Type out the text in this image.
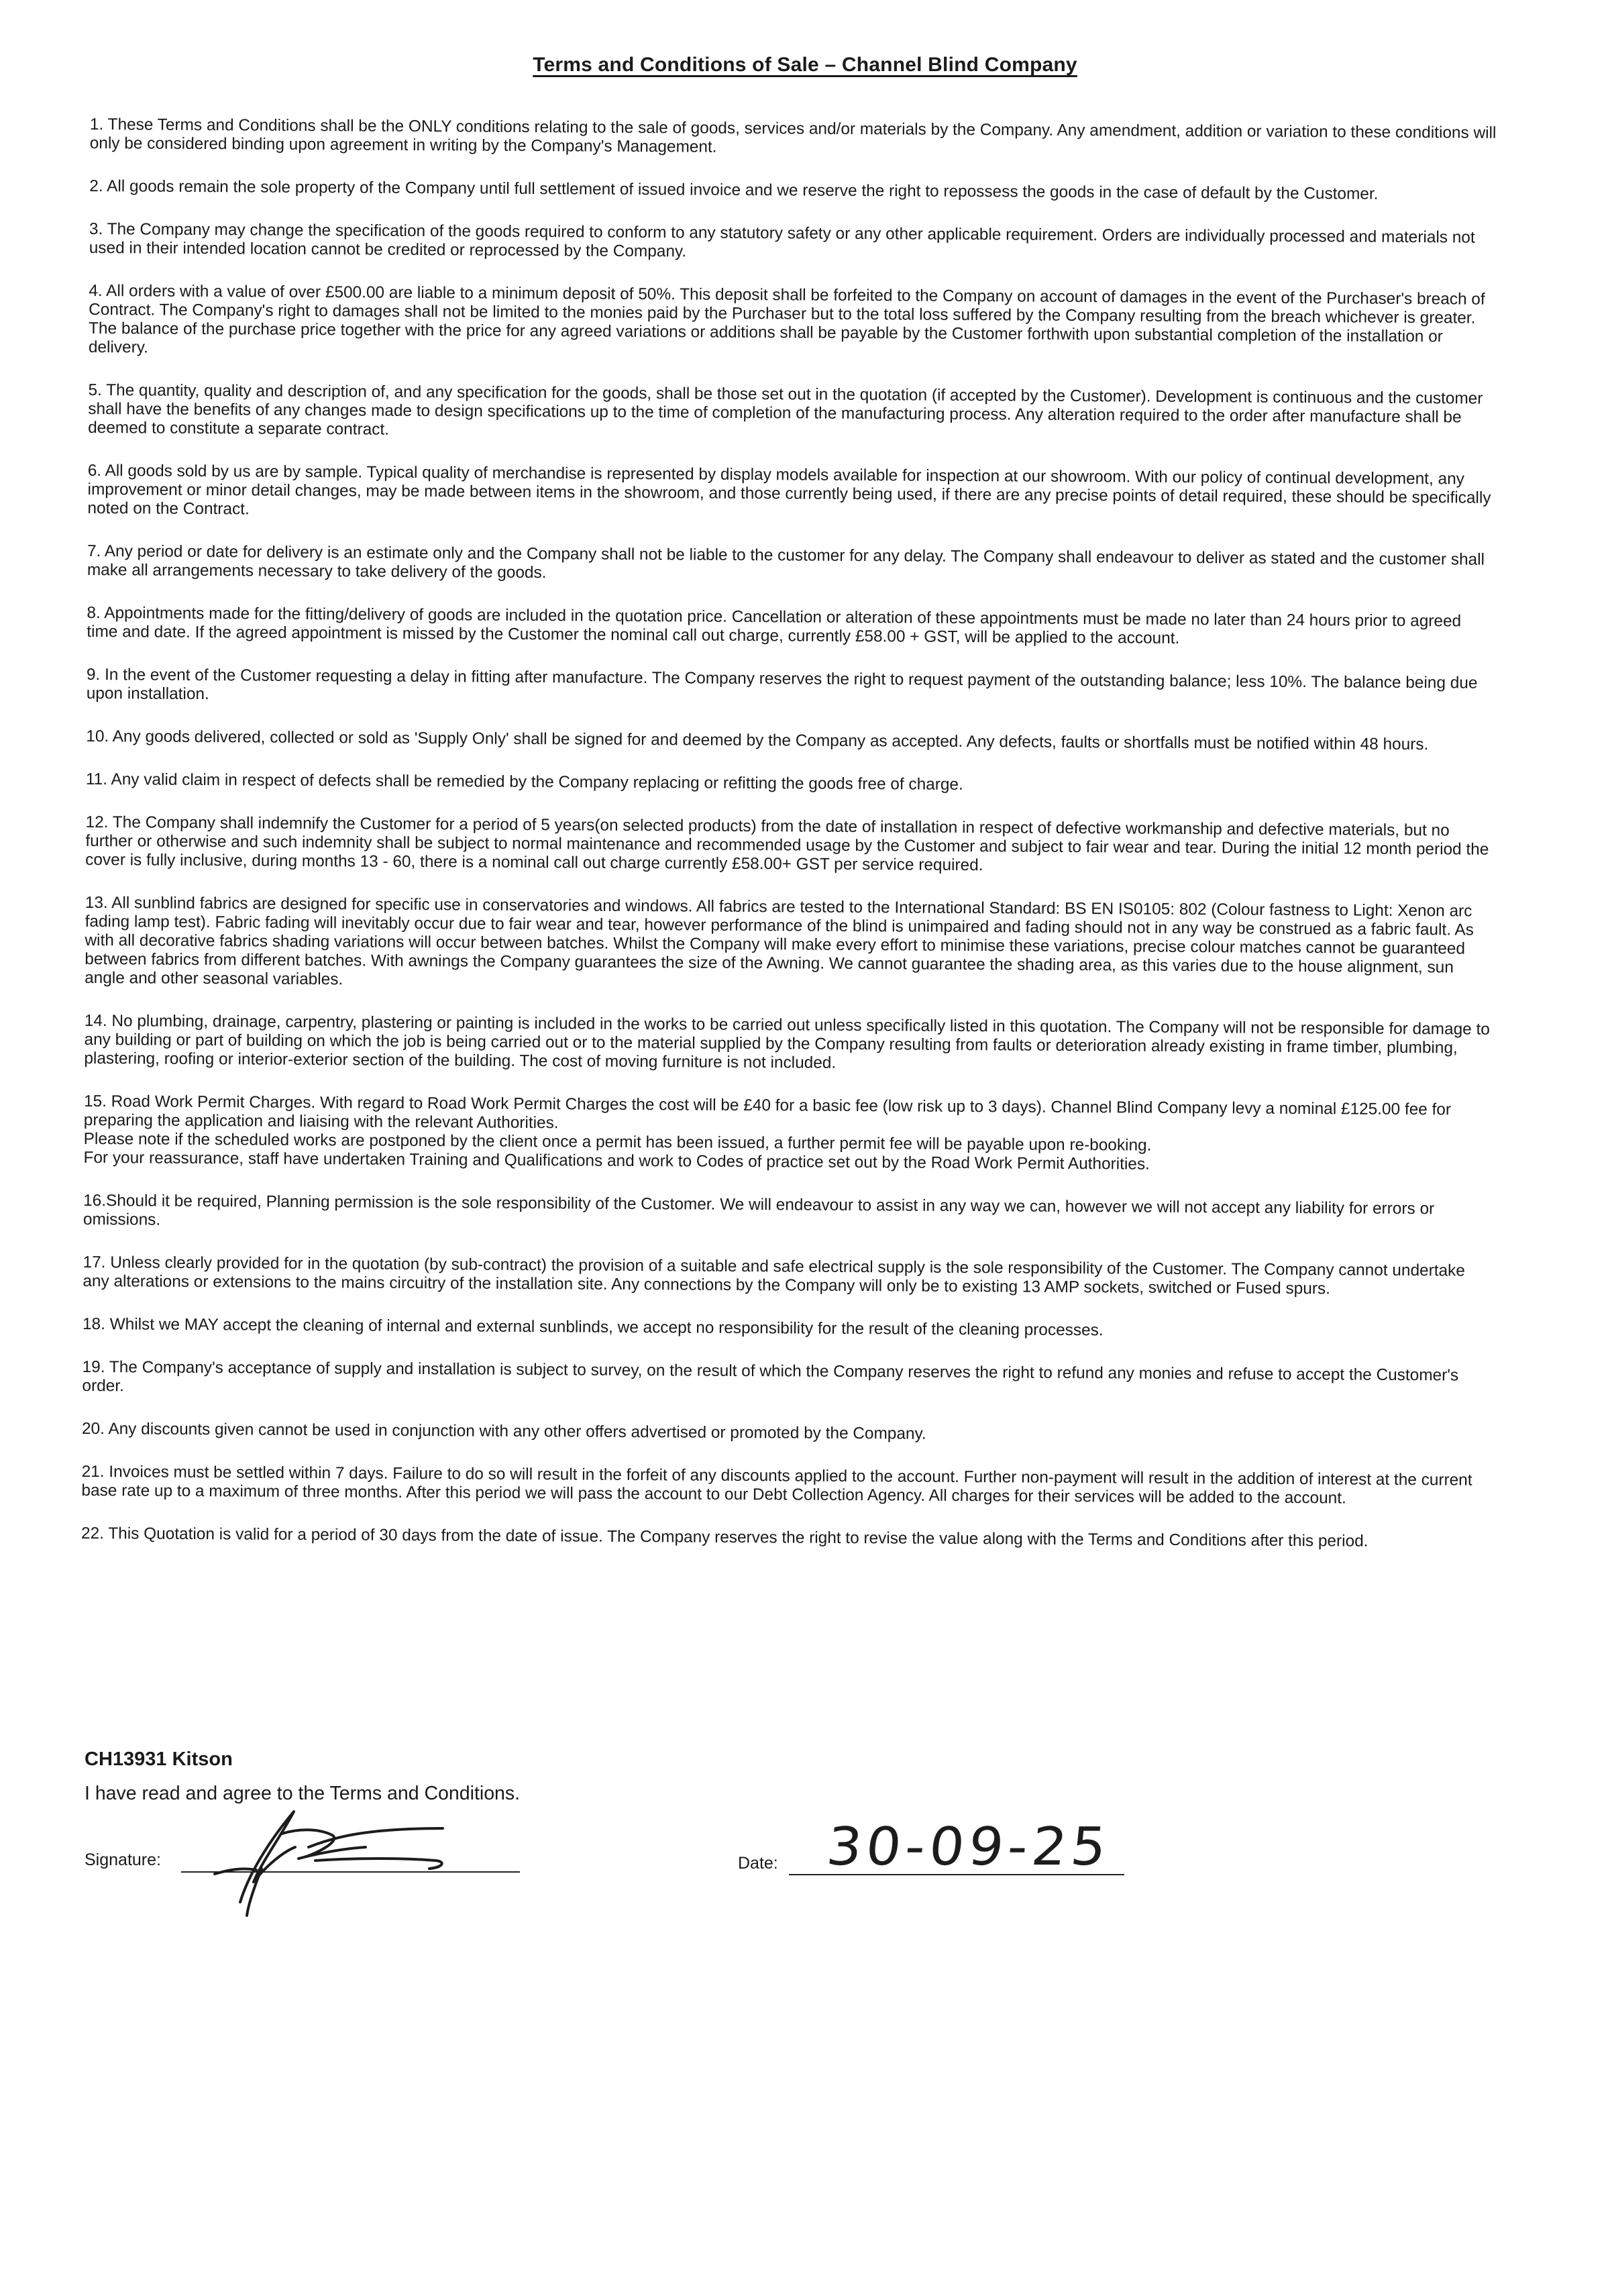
Terms and Conditions of Sale – Channel Blind Company

1. These Terms and Conditions shall be the ONLY conditions relating to the sale of goods, services and/or materials by the Company. Any amendment, addition or variation to these conditions will only be considered binding upon agreement in writing by the Company's Management.

2. All goods remain the sole property of the Company until full settlement of issued invoice and we reserve the right to repossess the goods in the case of default by the Customer.

3. The Company may change the specification of the goods required to conform to any statutory safety or any other applicable requirement. Orders are individually processed and materials not used in their intended location cannot be credited or reprocessed by the Company.

4. All orders with a value of over £500.00 are liable to a minimum deposit of 50%. This deposit shall be forfeited to the Company on account of damages in the event of the Purchaser's breach of Contract. The Company's right to damages shall not be limited to the monies paid by the Purchaser but to the total loss suffered by the Company resulting from the breach whichever is greater. The balance of the purchase price together with the price for any agreed variations or additions shall be payable by the Customer forthwith upon substantial completion of the installation or delivery.

5. The quantity, quality and description of, and any specification for the goods, shall be those set out in the quotation (if accepted by the Customer). Development is continuous and the customer shall have the benefits of any changes made to design specifications up to the time of completion of the manufacturing process. Any alteration required to the order after manufacture shall be deemed to constitute a separate contract.

6. All goods sold by us are by sample. Typical quality of merchandise is represented by display models available for inspection at our showroom. With our policy of continual development, any improvement or minor detail changes, may be made between items in the showroom, and those currently being used, if there are any precise points of detail required, these should be specifically noted on the Contract.

7. Any period or date for delivery is an estimate only and the Company shall not be liable to the customer for any delay. The Company shall endeavour to deliver as stated and the customer shall make all arrangements necessary to take delivery of the goods.

8. Appointments made for the fitting/delivery of goods are included in the quotation price. Cancellation or alteration of these appointments must be made no later than 24 hours prior to agreed time and date. If the agreed appointment is missed by the Customer the nominal call out charge, currently £58.00 + GST, will be applied to the account.

9. In the event of the Customer requesting a delay in fitting after manufacture. The Company reserves the right to request payment of the outstanding balance; less 10%. The balance being due upon installation.

10. Any goods delivered, collected or sold as 'Supply Only' shall be signed for and deemed by the Company as accepted. Any defects, faults or shortfalls must be notified within 48 hours.

11. Any valid claim in respect of defects shall be remedied by the Company replacing or refitting the goods free of charge.

12. The Company shall indemnify the Customer for a period of 5 years(on selected products) from the date of installation in respect of defective workmanship and defective materials, but no further or otherwise and such indemnity shall be subject to normal maintenance and recommended usage by the Customer and subject to fair wear and tear. During the initial 12 month period the cover is fully inclusive, during months 13 - 60, there is a nominal call out charge currently £58.00+ GST per service required.

13. All sunblind fabrics are designed for specific use in conservatories and windows. All fabrics are tested to the International Standard: BS EN IS0105: 802 (Colour fastness to Light: Xenon arc fading lamp test). Fabric fading will inevitably occur due to fair wear and tear, however performance of the blind is unimpaired and fading should not in any way be construed as a fabric fault. As with all decorative fabrics shading variations will occur between batches. Whilst the Company will make every effort to minimise these variations, precise colour matches cannot be guaranteed between fabrics from different batches. With awnings the Company guarantees the size of the Awning. We cannot guarantee the shading area, as this varies due to the house alignment, sun angle and other seasonal variables.

14. No plumbing, drainage, carpentry, plastering or painting is included in the works to be carried out unless specifically listed in this quotation. The Company will not be responsible for damage to any building or part of building on which the job is being carried out or to the material supplied by the Company resulting from faults or deterioration already existing in frame timber, plumbing, plastering, roofing or interior-exterior section of the building. The cost of moving furniture is not included.

15. Road Work Permit Charges. With regard to Road Work Permit Charges the cost will be £40 for a basic fee (low risk up to 3 days). Channel Blind Company levy a nominal £125.00 fee for preparing the application and liaising with the relevant Authorities.
Please note if the scheduled works are postponed by the client once a permit has been issued, a further permit fee will be payable upon re-booking.
For your reassurance, staff have undertaken Training and Qualifications and work to Codes of practice set out by the Road Work Permit Authorities.

16.Should it be required, Planning permission is the sole responsibility of the Customer. We will endeavour to assist in any way we can, however we will not accept any liability for errors or omissions.

17. Unless clearly provided for in the quotation (by sub-contract) the provision of a suitable and safe electrical supply is the sole responsibility of the Customer. The Company cannot undertake any alterations or extensions to the mains circuitry of the installation site. Any connections by the Company will only be to existing 13 AMP sockets, switched or Fused spurs.

18. Whilst we MAY accept the cleaning of internal and external sunblinds, we accept no responsibility for the result of the cleaning processes.

19. The Company's acceptance of supply and installation is subject to survey, on the result of which the Company reserves the right to refund any monies and refuse to accept the Customer's order.

20. Any discounts given cannot be used in conjunction with any other offers advertised or promoted by the Company.

21. Invoices must be settled within 7 days. Failure to do so will result in the forfeit of any discounts applied to the account. Further non-payment will result in the addition of interest at the current base rate up to a maximum of three months. After this period we will pass the account to our Debt Collection Agency. All charges for their services will be added to the account.

22. This Quotation is valid for a period of 30 days from the date of issue. The Company reserves the right to revise the value along with the Terms and Conditions after this period.

CH13931 Kitson
I have read and agree to the Terms and Conditions.
Signature:	Date: 30-09-25
